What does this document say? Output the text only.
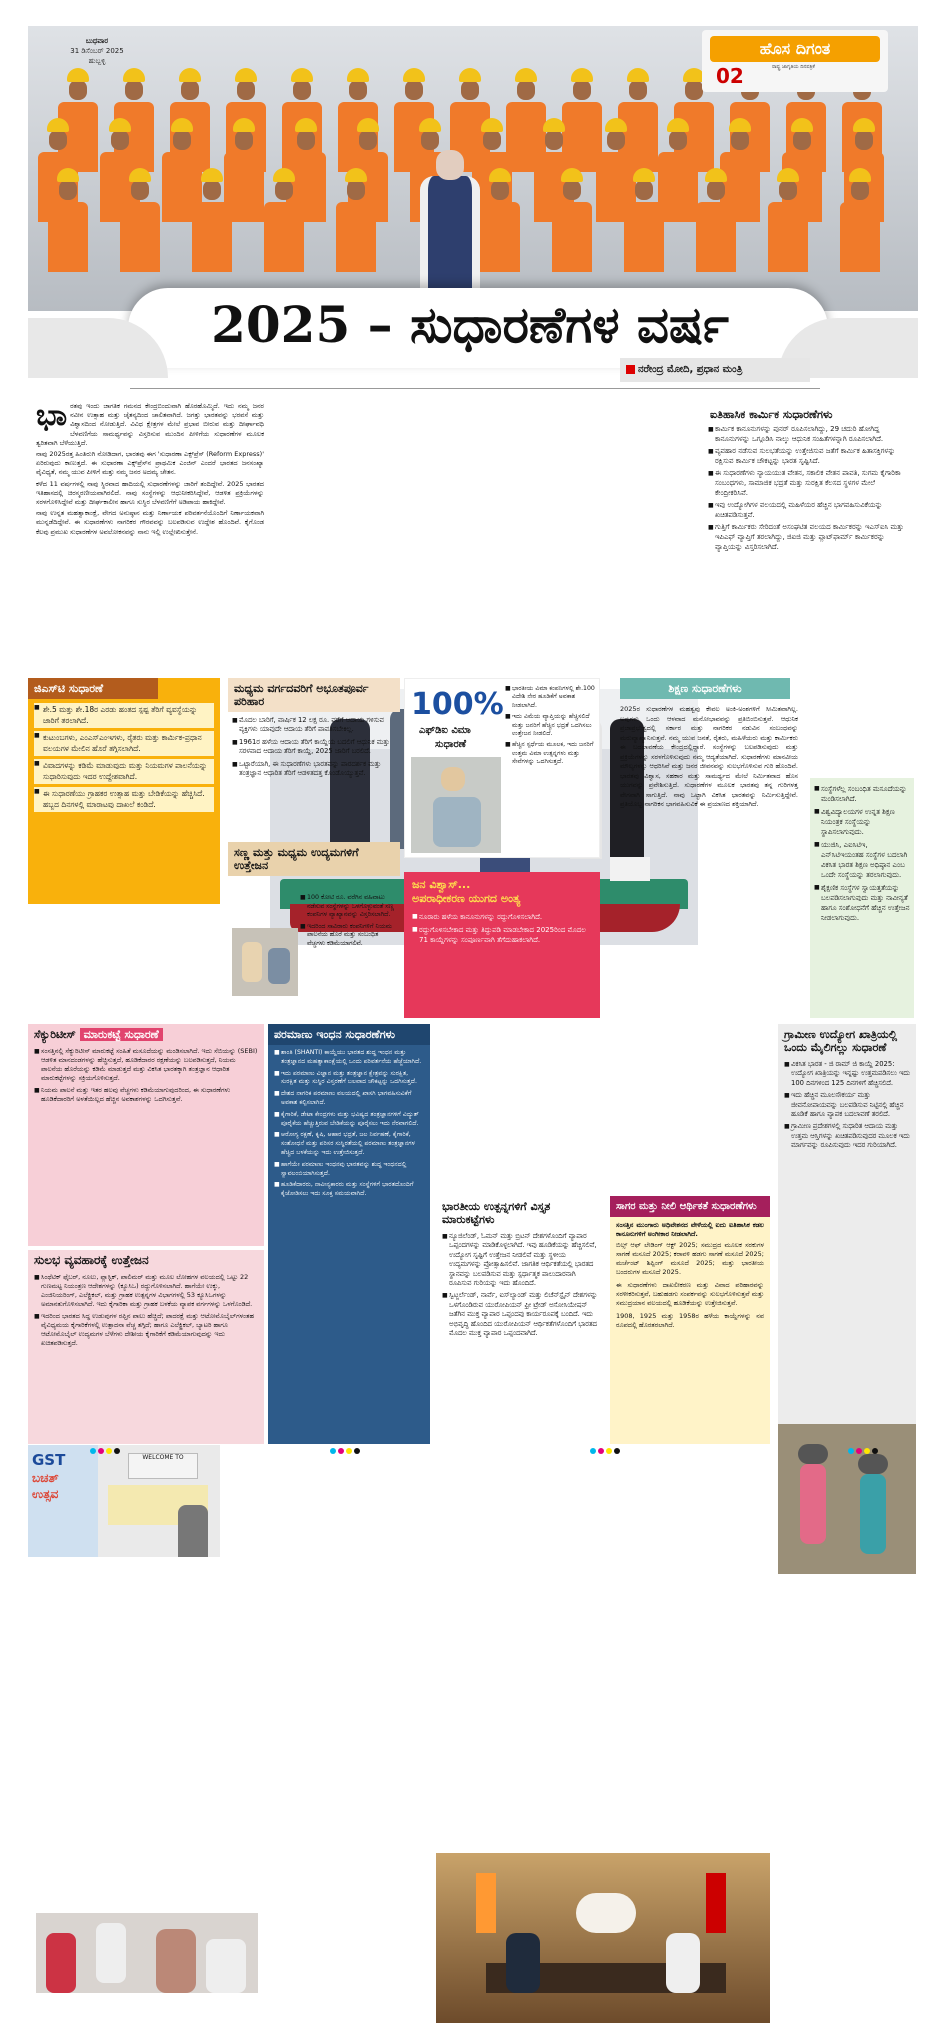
ಬುಧವಾರ
31 ಡಿಸೆಂಬರ್ 2025
ಹುಬ್ಬಳ್ಳಿ
ಹೊಸ ದಿಗಂತ
ರಾಷ್ಟ್ರ ಜಾಗೃತಿಯ ದಿನಪತ್ರಿಕೆ
02
2025 – ಸುಧಾರಣೆಗಳ ವರ್ಷ
ನರೇಂದ್ರ ಮೋದಿ, ಪ್ರಧಾನ ಮಂತ್ರಿ
ಭಾ ರತವು ಇಂದು ಜಾಗತಿಕ ಗಮನದ ಕೇಂದ್ರಬಿಂದುವಾಗಿ ಹೊರಹೊಮ್ಮಿದೆ. ಇದು ನಮ್ಮ ಜನರ ನವೀನ ಉತ್ಸಾಹ ಮತ್ತು ಚೈತನ್ಯದಿಂದ ಚಾಲಿತವಾಗಿದೆ. ಜಗತ್ತು ಭಾರತವನ್ನು ಭರವಸೆ ಮತ್ತು ವಿಶ್ವಾಸದಿಂದ ನೋಡುತ್ತಿದೆ. ವಿವಿಧ ಕ್ಷೇತ್ರಗಳ ಮೇಲೆ ಪ್ರಭಾವ ಬೀರುವ ಮತ್ತು ದೀರ್ಘಾವಧಿ ಬೆಳವಣಿಗೆಯ ಸಾಮರ್ಥ್ಯವನ್ನು ವಿಸ್ತರಿಸುವ ಮುಂದಿನ ಪೀಳಿಗೆಯ ಸುಧಾರಣೆಗಳ ಮೂಲಕ ತ್ವರಿತವಾಗಿ ಬೆಳೆಯುತ್ತಿದೆ.

ನಾವು 2025ರತ್ತ ಹಿಂತಿರುಗಿ ನೋಡಿದಾಗ, ಭಾರತವು ಈಗ 'ಸುಧಾರಣಾ ಎಕ್ಸ್‌ಪ್ರೆಸ್ (Reform Express)' ಏರಿರುವುದು ಕಾಣುತ್ತದೆ. ಈ ಸುಧಾರಣಾ ಎಕ್ಸ್‌ಪ್ರೆಸ್‌ನ ಪ್ರಾಥಮಿಕ ಎಂಜಿನ್ ಎಂದರೆ ಭಾರತದ ಜನಸಂಖ್ಯಾ ವೈವಿಧ್ಯತೆ, ನಮ್ಮ ಯುವ ಪೀಳಿಗೆ ಮತ್ತು ನಮ್ಮ ಜನರ ಅದಮ್ಯ ಚೇತನ.

ಕಳೆದ 11 ವರ್ಷಗಳಲ್ಲಿ ನಾವು ಸ್ಥಿರವಾದ ಹಾದಿಯಲ್ಲಿ ಸುಧಾರಣೆಗಳನ್ನು ಜಾರಿಗೆ ತಂದಿದ್ದೇವೆ. 2025 ಭಾರತದ ಇತಿಹಾಸದಲ್ಲಿ ಚಿರಸ್ಮರಣೀಯವಾಗಿರಲಿದೆ. ನಾವು ಸಂಸ್ಥೆಗಳನ್ನು ಆಧುನೀಕರಿಸಿದ್ದೇವೆ, ಆಡಳಿತ ಪ್ರಕ್ರಿಯೆಗಳನ್ನು ಸರಳಗೊಳಿಸಿದ್ದೇವೆ ಮತ್ತು ದೀರ್ಘಕಾಲೀನ ಹಾಗೂ ಸುಸ್ಥಿರ ಬೆಳವಣಿಗೆಗೆ ಅಡಿಪಾಯ ಹಾಕಿದ್ದೇವೆ.

ನಾವು ಉನ್ನತ ಮಹತ್ವಾಕಾಂಕ್ಷೆ, ವೇಗದ ಅನುಷ್ಠಾನ ಮತ್ತು ನಿರ್ಣಾಯಕ ಪರಿವರ್ತನೆಯೊಂದಿಗೆ ನಿರ್ಣಾಯಕವಾಗಿ ಮುನ್ನಡೆದಿದ್ದೇವೆ. ಈ ಸುಧಾರಣೆಗಳು ನಾಗರಿಕರ ಗೌರವವನ್ನು ಬಲಪಡಿಸುವ ಉದ್ದೇಶ ಹೊಂದಿವೆ. ಕೈಗೊಂಡ ಕೆಲವು ಪ್ರಮುಖ ಸುಧಾರಣೆಗಳ ಅವಲೋಕನವನ್ನು ನಾನು ಇಲ್ಲಿ ಉಲ್ಲೇಖಿಸುತ್ತೇನೆ.

ಐತಿಹಾಸಿಕ ಕಾರ್ಮಿಕ ಸುಧಾರಣೆಗಳು
■ ಕಾರ್ಮಿಕ ಕಾನೂನುಗಳನ್ನು ಪುನರ್ ರೂಪಿಸಲಾಗಿದ್ದು, 29 ಚದುರಿ ಹೋಗಿದ್ದ ಕಾನೂನುಗಳನ್ನು ಒಗ್ಗೂಡಿಸಿ ನಾಲ್ಕು ಆಧುನಿಕ ಸಂಹಿತೆಗಳನ್ನಾಗಿ ರೂಪಿಸಲಾಗಿದೆ.
■ ವ್ಯವಹಾರ ನಡೆಸುವ ಸುಲಭತೆಯನ್ನು ಉತ್ತೇಜಿಸುವ ಜತೆಗೆ ಕಾರ್ಮಿಕ ಹಿತಾಸಕ್ತಿಗಳನ್ನು ರಕ್ಷಿಸುವ ಕಾರ್ಮಿಕ ಚೌಕಟ್ಟನ್ನು ಭಾರತ ಸೃಷ್ಟಿಸಿದೆ.
■ ಈ ಸುಧಾರಣೆಗಳು ನ್ಯಾಯಯುತ ವೇತನ, ಸಕಾಲಿಕ ವೇತನ ಪಾವತಿ, ಸುಗಮ ಕೈಗಾರಿಕಾ ಸಂಬಂಧಗಳು, ಸಾಮಾಜಿಕ ಭದ್ರತೆ ಮತ್ತು ಸುರಕ್ಷಿತ ಕೆಲಸದ ಸ್ಥಳಗಳ ಮೇಲೆ ಕೇಂದ್ರೀಕರಿಸಿವೆ.
■ ಇವು ಉದ್ಯೋಗಿಗಳ ವಲಯದಲ್ಲಿ ಮಹಿಳೆಯರ ಹೆಚ್ಚಿನ ಭಾಗವಹಿಸುವಿಕೆಯನ್ನು ಖಚಿತಪಡಿಸುತ್ತವೆ.
■ ಗುತ್ತಿಗೆ ಕಾರ್ಮಿಕರು ಸೇರಿದಂತೆ ಅಸಂಘಟಿತ ವಲಯದ ಕಾರ್ಮಿಕರನ್ನು ಇಎಸ್‌ಐಸಿ ಮತ್ತು ಇಪಿಎಫ್ ವ್ಯಾಪ್ತಿಗೆ ತರಲಾಗಿದ್ದು, ಜಿಐಜಿ ಮತ್ತು ಪ್ಲಾಟ್‌ಫಾರ್ಮ್ ಕಾರ್ಮಿಕರನ್ನು ವ್ಯಾಪ್ತಿಯನ್ನು ವಿಸ್ತರಿಸಲಾಗಿದೆ.
ಜಿಎಸ್‌ಟಿ ಸುಧಾರಣೆ
■ ಶೇ.5 ಮತ್ತು ಶೇ.18ರ ಎರಡು ಹಂತದ ಸ್ಪಷ್ಟ ತೆರಿಗೆ ವ್ಯವಸ್ಥೆಯನ್ನು ಜಾರಿಗೆ ತರಲಾಗಿದೆ.
■ ಕುಟುಂಬಗಳು, ಎಂಎಸ್‌ಎಂಇಗಳು, ರೈತರು ಮತ್ತು ಕಾರ್ಮಿಕ-ಪ್ರಧಾನ ವಲಯಗಳ ಮೇಲಿನ ಹೊರೆ ತಗ್ಗಿಸಲಾಗಿದೆ.
■ ವಿವಾದಗಳನ್ನು ಕಡಿಮೆ ಮಾಡುವುದು ಮತ್ತು ನಿಯಮಗಳ ಪಾಲನೆಯನ್ನು ಸುಧಾರಿಸುವುದು ಇದರ ಉದ್ದೇಶವಾಗಿದೆ.
■ ಈ ಸುಧಾರಣೆಯು ಗ್ರಾಹಕರ ಉತ್ಸಾಹ ಮತ್ತು ಬೇಡಿಕೆಯನ್ನು ಹೆಚ್ಚಿಸಿದೆ. ಹಬ್ಬದ ದಿನಗಳಲ್ಲಿ ಮಾರಾಟವು ದಾಖಲೆ ಕಂಡಿದೆ.
GST
ಬಚತ್
ಉತ್ಸವ
WELCOME TO
ಮಧ್ಯಮ ವರ್ಗದವರಿಗೆ ಅಭೂತಪೂರ್ವ ಪರಿಹಾರ
■ ಮೊದಲ ಬಾರಿಗೆ, ವಾರ್ಷಿಕ 12 ಲಕ್ಷ ರೂ. ವರೆಗೆ ಆದಾಯ ಗಳಿಸುವ ವ್ಯಕ್ತಿಗಳು ಯಾವುದೇ ಆದಾಯ ತೆರಿಗೆ ಪಾವತಿಸಬೇಕಿಲ್ಲ.
■ 1961ರ ಹಳೆಯ ಆದಾಯ ತೆರಿಗೆ ಕಾಯ್ದೆಯ ಬದಲಿಗೆ ಆಧುನಿಕ ಮತ್ತು ಸರಳವಾದ ಆದಾಯ ತೆರಿಗೆ ಕಾಯ್ದೆ, 2025 ಜಾರಿಗೆ ಬರಲಿದೆ.
■ ಒಟ್ಟಾರೆಯಾಗಿ, ಈ ಸುಧಾರಣೆಗಳು ಭಾರತವನ್ನು ಪಾರದರ್ಶಕ ಮತ್ತು ತಂತ್ರಜ್ಞಾನ ಆಧಾರಿತ ತೆರಿಗೆ ಆಡಳಿತದತ್ತ ಕೊಂಡೊಯ್ಯುತ್ತವೆ.
ಸಣ್ಣ ಮತ್ತು ಮಧ್ಯಮ ಉದ್ಯಮಗಳಿಗೆ ಉತ್ತೇಜನ
■ 100 ಕೋಟಿ ರೂ. ವರೆಗಿನ ವಹಿವಾಟು ನಡೆಸುವ ಸಂಸ್ಥೆಗಳನ್ನು ಒಳಗೊಳ್ಳುವಂತೆ ಸಣ್ಣ ಕಂಪನಿಗಳ ವ್ಯಾಖ್ಯಾನವನ್ನು ವಿಸ್ತರಿಸಲಾಗಿದೆ.
■ ಇದರಿಂದ ಸಾವಿರಾರು ಕಂಪನಿಗಳಿಗೆ ನಿಯಮ ಪಾಲನೆಯ ಹೊರೆ ಮತ್ತು ಸಂಬಂಧಿತ ವೆಚ್ಚಗಳು ಕಡಿಮೆಯಾಗಲಿವೆ.
100%
ಎಫ್‌ಡಿಐ ವಿಮಾ
ಸುಧಾರಣೆ
■ ಭಾರತೀಯ ವಿಮಾ ಕಂಪನಿಗಳಲ್ಲಿ ಶೇ.100 ವಿದೇಶಿ ನೇರ ಹೂಡಿಕೆಗೆ ಅವಕಾಶ ನೀಡಲಾಗಿದೆ.
■ ಇದು ವಿಮೆಯ ವ್ಯಾಪ್ತಿಯನ್ನು ಹೆಚ್ಚಿಸಲಿದೆ ಮತ್ತು ಜನರಿಗೆ ಹೆಚ್ಚಿನ ಭದ್ರತೆ ಒದಗಿಸಲು ಉತ್ತೇಜನ ನೀಡಲಿದೆ.
■ ಹೆಚ್ಚಿನ ಸ್ಪರ್ಧೆಯ ಮೂಲಕ, ಇದು ಜನರಿಗೆ ಉತ್ತಮ ವಿಮಾ ಉತ್ಪನ್ನಗಳು ಮತ್ತು ಸೇವೆಗಳನ್ನು ಒದಗಿಸುತ್ತದೆ.
ಜನ ವಿಶ್ವಾಸ್...
ಅಪರಾಧೀಕರಣ ಯುಗದ ಅಂತ್ಯ
■ ನೂರಾರು ಹಳೆಯ ಕಾನೂನುಗಳನ್ನು ರದ್ದುಗೊಳಿಸಲಾಗಿದೆ.
■ ರದ್ದುಗೊಳಿಸಬೇಕಾದ ಮತ್ತು ತಿದ್ದುಪಡಿ ಮಾಡಬೇಕಾದ 2025ರಿಂದ ಮೊದಲ 71 ಕಾಯ್ದೆಗಳನ್ನು ಸಂಪೂರ್ಣವಾಗಿ ತೆಗೆದುಹಾಕಲಾಗಿದೆ.
ಶಿಕ್ಷಣ ಸುಧಾರಣೆಗಳು

2025ರ ಸುಧಾರಣೆಗಳ ಮಹತ್ವವು ಕೇವಲ ಅಂಕಿ-ಅಂಶಗಳಿಗೆ ಸೀಮಿತವಾಗಿಲ್ಲ. ಅವುಗಳು ಒಂದು ಆಳವಾದ ಮನೋಭಾವವನ್ನು ಪ್ರತಿಬಿಂಬಿಸುತ್ತವೆ. ಆಧುನಿಕ ಪ್ರಜಾಪ್ರಭುತ್ವದಲ್ಲಿ ಸರ್ಕಾರ ಮತ್ತು ನಾಗರಿಕರ ನಡುವಿನ ಸಂಬಂಧವನ್ನು ಮರುವ್ಯಾಖ್ಯಾನಿಸುತ್ತವೆ. ನಮ್ಮ ಯುವ ಜನತೆ, ರೈತರು, ಮಹಿಳೆಯರು ಮತ್ತು ಕಾರ್ಮಿಕರು ಈ ಬದಲಾವಣೆಯ ಕೇಂದ್ರದಲ್ಲಿದ್ದಾರೆ. ಸಂಸ್ಥೆಗಳನ್ನು ಬಲಪಡಿಸುವುದು ಮತ್ತು ಪ್ರಕ್ರಿಯೆಗಳನ್ನು ಸರಳಗೊಳಿಸುವುದು ನಮ್ಮ ಆದ್ಯತೆಯಾಗಿದೆ. ಸುಧಾರಣೆಗಳು ಮಾನವೀಯ ಮೌಲ್ಯಗಳನ್ನು ಆಧರಿಸಿವೆ ಮತ್ತು ಜನರ ಜೀವನವನ್ನು ಸುಲಭಗೊಳಿಸುವ ಗುರಿ ಹೊಂದಿವೆ. ಭಾರತವು ವಿಶ್ವಾಸ, ಸಹಕಾರ ಮತ್ತು ಸಾಮರ್ಥ್ಯದ ಮೇಲೆ ನಿರ್ಮಿತವಾದ ಹೊಸ ಯುಗವನ್ನು ಪ್ರವೇಶಿಸುತ್ತಿದೆ. ಸುಧಾರಣೆಗಳ ಮೂಲಕ ಭಾರತವು ತನ್ನ ಗುರಿಗಳತ್ತ ವೇಗವಾಗಿ ಸಾಗುತ್ತಿದೆ. ನಾವು ಒಟ್ಟಾಗಿ ವಿಕಸಿತ ಭಾರತವನ್ನು ನಿರ್ಮಿಸುತ್ತಿದ್ದೇವೆ. ಪ್ರತಿಯೊಬ್ಬ ನಾಗರಿಕನ ಭಾಗವಹಿಸುವಿಕೆ ಈ ಪ್ರಯಾಣದ ಶಕ್ತಿಯಾಗಿದೆ.

■ ಸಂಸ್ಥೆಗಳೆಲ್ಲ ಸಂಬಂಧಿತ ಮಸೂದೆಯನ್ನು ಮಂಡಿಸಲಾಗಿದೆ.
■ ವಿಶ್ವವಿದ್ಯಾಲಯಗಳ ಉನ್ನತ ಶಿಕ್ಷಣ ನಿಯಂತ್ರಕ ಸಂಸ್ಥೆಯನ್ನು ಸ್ಥಾಪಿಸಲಾಗುವುದು.
■ ಯುಜಿಸಿ, ಎಐಸಿಟಿಇ, ಎನ್‌ಸಿಟಿಇಯಂತಹ ಸಂಸ್ಥೆಗಳ ಬದಲಾಗಿ ವಿಕಸಿತ ಭಾರತ ಶಿಕ್ಷಣ ಅಧಿಷ್ಠಾನ ಎಂಬ ಒಂದೇ ಸಂಸ್ಥೆಯನ್ನು ತರಲಾಗುವುದು.
■ ಶೈಕ್ಷಣಿಕ ಸಂಸ್ಥೆಗಳ ಸ್ವಾಯತ್ತತೆಯನ್ನು ಬಲಪಡಿಸಲಾಗುವುದು ಮತ್ತು ನಾವೀನ್ಯತೆ ಹಾಗೂ ಸಂಶೋಧನೆಗೆ ಹೆಚ್ಚಿನ ಉತ್ತೇಜನ ನೀಡಲಾಗುವುದು.
ಸೆಕ್ಯುರಿಟೀಸ್ ಮಾರುಕಟ್ಟೆ ಸುಧಾರಣೆ
■ ಸಂಸತ್ತಿನಲ್ಲಿ ಸೆಕ್ಯುರಿಟೀಸ್ ಮಾರುಕಟ್ಟೆ ಸಂಹಿತೆ ಮಸೂದೆಯನ್ನು ಮಂಡಿಸಲಾಗಿದೆ. ಇದು ಸೆಬಿಯನ್ನು (SEBI) ಆಡಳಿತ ಮಾನದಂಡಗಳನ್ನು ಹೆಚ್ಚಿಸುತ್ತದೆ, ಹೂಡಿಕೆದಾರರ ರಕ್ಷಣೆಯನ್ನು ಬಲಪಡಿಸುತ್ತದೆ, ನಿಯಮ ಪಾಲನೆಯ ಹೊರೆಯನ್ನು ಕಡಿಮೆ ಮಾಡುತ್ತದೆ ಮತ್ತು ವಿಕಸಿತ ಭಾರತಕ್ಕಾಗಿ ತಂತ್ರಜ್ಞಾನ ಆಧಾರಿತ ಮಾರುಕಟ್ಟೆಗಳನ್ನು ಸಕ್ರಿಯಗೊಳಿಸುತ್ತದೆ.
■ ನಿಯಮ ಪಾಲನೆ ಮತ್ತು ಇತರ ಹಲವು ವೆಚ್ಚಗಳು ಕಡಿಮೆಯಾಗುವುದರಿಂದ, ಈ ಸುಧಾರಣೆಗಳು ಹೂಡಿಕೆದಾರರಿಗೆ ಅಳತೆಯಿಲ್ಲದ ಹೆಚ್ಚಿನ ಅವಕಾಶಗಳನ್ನು ಒದಗಿಸುತ್ತವೆ.
ಸುಲಭ ವ್ಯವಹಾರಕ್ಕೆ ಉತ್ತೇಜನ
■ ಸಿಂಥೆಟಿಕ್ ಫೈಬರ್, ನೂಲು, ಪ್ಲಾಸ್ಟಿಕ್, ಪಾಲಿಮರ್ ಮತ್ತು ಮೂಲ ಲೋಹಗಳ ವಲಯದಲ್ಲಿ ಒಟ್ಟು 22 ಗುಣಮಟ್ಟ ನಿಯಂತ್ರಣ ಆದೇಶಗಳನ್ನು (ಕ್ಯೂಸಿಒ) ರದ್ದುಗೊಳಿಸಲಾಗಿದೆ. ಹಾಗೆಯೇ ಉಕ್ಕು, ಎಂಜಿನಿಯರಿಂಗ್, ಎಲೆಕ್ಟ್ರಿಕಲ್, ಮತ್ತು ಗ್ರಾಹಕ ಉತ್ಪನ್ನಗಳ ವಿಭಾಗಗಳಲ್ಲಿ 53 ಕ್ಯೂಸಿಒಗಳನ್ನು ಅಮಾನತುಗೊಳಿಸಲಾಗಿದೆ. ಇದು ಕೈಗಾರಿಕಾ ಮತ್ತು ಗ್ರಾಹಕ ಬಳಕೆಯ ವ್ಯಾಪಕ ವರ್ಗಗಳನ್ನು ಒಳಗೊಂಡಿದೆ.
■ ಇದರಿಂದ ಭಾರತದ ಸಿದ್ಧ ಉಡುಪುಗಳ ರಫ್ತಿನ ಪಾಲು ಹೆಚ್ಚಿದೆ; ಪಾದರಕ್ಷೆ ಮತ್ತು ಆಟೋಮೊಬೈಲ್‌ಗಳಂತಹ ವೈವಿಧ್ಯಮಯ ಕೈಗಾರಿಕೆಗಳಲ್ಲಿ ಉತ್ಪಾದನಾ ವೆಚ್ಚ ತಗ್ಗಿದೆ; ಹಾಗೂ ಎಲೆಕ್ಟ್ರಿಕಲ್, ಬ್ಯಾಟರಿ ಹಾಗೂ ಆಟೋಮೊಬೈಲ್ ಉದ್ಯಮಗಳ ಬೆಳೆಗಳು ದೇಶೀಯ ಕೈಗಾರಿಕೆಗೆ ಕಡಿಮೆಯಾಗುವುದನ್ನು ಇದು ಖಚಿತಪಡಿಸುತ್ತದೆ.
ಪರಮಾಣು ಇಂಧನ ಸುಧಾರಣೆಗಳು
■ ಶಾಂತಿ (SHANTI) ಕಾಯ್ದೆಯು ಭಾರತದ ಶುದ್ಧ ಇಂಧನ ಮತ್ತು ತಂತ್ರಜ್ಞಾನದ ಮಹತ್ವಾಕಾಂಕ್ಷೆಯಲ್ಲಿ ಒಂದು ಪರಿವರ್ತನೆಯ ಹೆಜ್ಜೆಯಾಗಿದೆ.
■ ಇದು ಪರಮಾಣು ವಿಜ್ಞಾನ ಮತ್ತು ತಂತ್ರಜ್ಞಾನ ಕ್ಷೇತ್ರವನ್ನು ಸುರಕ್ಷಿತ, ಸುರಕ್ಷಿತ ಮತ್ತು ಸುಸ್ಥಿರ ವಿಸ್ತರಣೆಗೆ ಬಲವಾದ ಚೌಕಟ್ಟನ್ನು ಒದಗಿಸುತ್ತದೆ.
■ ದೇಶದ ನಾಗರಿಕ ಪರಮಾಣು ವಲಯದಲ್ಲಿ ಖಾಸಗಿ ಭಾಗವಹಿಸುವಿಕೆಗೆ ಅವಕಾಶ ಕಲ್ಪಿಸಲಾಗಿದೆ.
■ ಕೈಗಾರಿಕೆ, ಡೇಟಾ ಕೇಂದ್ರಗಳು ಮತ್ತು ಭವಿಷ್ಯದ ತಂತ್ರಜ್ಞಾನಗಳಿಗೆ ವಿದ್ಯುತ್ ಪೂರೈಕೆಯ ಹೆಚ್ಚುತ್ತಿರುವ ಬೇಡಿಕೆಯನ್ನು ಪೂರೈಸಲು ಇದು ನೆರವಾಗಲಿದೆ.
■ ಆರೋಗ್ಯ ರಕ್ಷಣೆ, ಕೃಷಿ, ಆಹಾರ ಭದ್ರತೆ, ಜಲ ನಿರ್ವಹಣೆ, ಕೈಗಾರಿಕೆ, ಸಂಶೋಧನೆ ಮತ್ತು ಪರಿಸರ ಸುಸ್ಥಿರತೆಯಲ್ಲಿ ಪರಮಾಣು ತಂತ್ರಜ್ಞಾನಗಳ ಹೆಚ್ಚಿದ ಬಳಕೆಯನ್ನು ಇದು ಉತ್ತೇಜಿಸುತ್ತದೆ.
■ ಹಾಗೆಯೇ ಪರಮಾಣು ಇಂಧನವು ಭಾರತವನ್ನು ಶುದ್ಧ ಇಂಧನದಲ್ಲಿ ಸ್ವಾವಲಂಬಿಯಾಗಿಸುತ್ತದೆ.
■ ಹೂಡಿಕೆದಾರರು, ನಾವೀನ್ಯಕಾರರು ಮತ್ತು ಸಂಸ್ಥೆಗಳಿಗೆ ಭಾರತದೊಂದಿಗೆ ಕೈಜೋಡಿಸಲು ಇದು ಸೂಕ್ತ ಸಮಯವಾಗಿದೆ.
ಭಾರತೀಯ ಉತ್ಪನ್ನಗಳಿಗೆ ವಿಸ್ತೃತ ಮಾರುಕಟ್ಟೆಗಳು
■ ನ್ಯೂಜಿಲೆಂಡ್, ಓಮನ್ ಮತ್ತು ಬ್ರಿಟನ್ ದೇಶಗಳೊಂದಿಗೆ ವ್ಯಾಪಾರ ಒಪ್ಪಂದಗಳನ್ನು ಮಾಡಿಕೊಳ್ಳಲಾಗಿದೆ. ಇವು ಹೂಡಿಕೆಯನ್ನು ಹೆಚ್ಚಿಸಲಿವೆ, ಉದ್ಯೋಗ ಸೃಷ್ಟಿಗೆ ಉತ್ತೇಜನ ನೀಡಲಿವೆ ಮತ್ತು ಸ್ಥಳೀಯ ಉದ್ಯಮಗಳನ್ನು ಪ್ರೋತ್ಸಾಹಿಸಲಿವೆ. ಜಾಗತಿಕ ಆರ್ಥಿಕತೆಯಲ್ಲಿ ಭಾರತದ ಸ್ಥಾನವನ್ನು ಬಲಪಡಿಸುವ ಮತ್ತು ಸ್ಪರ್ಧಾತ್ಮಕ ಪಾಲುದಾರನಾಗಿ ರೂಪಿಸುವ ಗುರಿಯನ್ನು ಇದು ಹೊಂದಿದೆ.
■ ಸ್ವಿಟ್ಜರ್ಲೆಂಡ್, ನಾರ್ವೆ, ಐಸ್‌ಲ್ಯಾಂಡ್ ಮತ್ತು ಲಿಚೆನ್‌ಸ್ಟೈನ್ ದೇಶಗಳನ್ನು ಒಳಗೊಂಡಿರುವ ಯುರೋಪಿಯನ್ ಫ್ರೀ ಟ್ರೇಡ್ ಅಸೋಸಿಯೇಷನ್ ಜತೆಗಿನ ಮುಕ್ತ ವ್ಯಾಪಾರ ಒಪ್ಪಂದವು ಕಾರ್ಯರೂಪಕ್ಕೆ ಬಂದಿದೆ. ಇದು ಅಭಿವೃದ್ಧಿ ಹೊಂದಿದ ಯುರೋಪಿಯನ್ ಆರ್ಥಿಕತೆಗಳೊಂದಿಗೆ ಭಾರತದ ಮೊದಲ ಮುಕ್ತ ವ್ಯಾಪಾರ ಒಪ್ಪಂದವಾಗಿದೆ.
ಸಾಗರ ಮತ್ತು ನೀಲಿ ಆರ್ಥಿಕತೆ ಸುಧಾರಣೆಗಳು

ಸಂಸತ್ತಿನ ಮುಂಗಾರು ಅಧಿವೇಶನದ ವೇಳೆಯಲ್ಲಿ ಐದು ಐತಿಹಾಸಿಕ ಕಡಲ ಕಾನೂನುಗಳಿಗೆ ಅಂಗೀಕಾರ ನೀಡಲಾಗಿದೆ.

ಬಿಲ್ಸ್ ಆಫ್ ಲೇಡಿಂಗ್ ಆಕ್ಟ್ 2025; ಸಮುದ್ರದ ಮೂಲಕ ಸರಕುಗಳ ಸಾಗಣೆ ಮಸೂದೆ 2025; ಕರಾವಳಿ ಹಡಗು ಸಾಗಣೆ ಮಸೂದೆ 2025; ಮರ್ಚೆಂಟ್ ಶಿಪ್ಪಿಂಗ್ ಮಸೂದೆ 2025; ಮತ್ತು ಭಾರತೀಯ ಬಂದರುಗಳ ಮಸೂದೆ 2025.

ಈ ಸುಧಾರಣೆಗಳು ದಾಖಲೀಕರಣ ಮತ್ತು ವಿವಾದ ಪರಿಹಾರವನ್ನು ಸರಳೀಕರಿಸುತ್ತವೆ, ಬಹುಹಡಗು ಸಂಪರ್ಕವನ್ನು ಸುಲಭಗೊಳಿಸುತ್ತವೆ ಮತ್ತು ಸಮುದ್ರಯಾನ ವಲಯದಲ್ಲಿ ಹೂಡಿಕೆಯನ್ನು ಉತ್ತೇಜಿಸುತ್ತವೆ.

1908, 1925 ಮತ್ತು 1958ರ ಹಳೆಯ ಕಾಯ್ದೆಗಳನ್ನು ನವ ರೂಪದಲ್ಲಿ ಹೊರತರಲಾಗಿದೆ.

ಗ್ರಾಮೀಣ ಉದ್ಯೋಗ ಖಾತ್ರಿಯಲ್ಲಿ ಒಂದು ಮೈಲಿಗಲ್ಲು ಸುಧಾರಣೆ
■ ವಿಕಸಿತ ಭಾರತ - ಜಿ ರಾಮ್ ಜಿ ಕಾಯ್ದೆ 2025: ಉದ್ಯೋಗ ಖಾತ್ರಿಯನ್ನು ಇನ್ನಷ್ಟು ಉತ್ತಮಪಡಿಸಲು ಇದು 100 ದಿನಗಳಿಂದ 125 ದಿನಗಳಿಗೆ ಹೆಚ್ಚಿಸಲಿದೆ.
■ ಇದು ಹೆಚ್ಚಿನ ಮೂಲಸೌಕರ್ಯ ಮತ್ತು ಜೀವನೋಪಾಯವನ್ನು ಬಲಪಡಿಸುವ ನಿಟ್ಟಿನಲ್ಲಿ ಹೆಚ್ಚಿನ ಹೂಡಿಕೆ ಹಾಗೂ ವ್ಯಾಪಕ ಬದಲಾವಣೆ ತರಲಿದೆ.
■ ಗ್ರಾಮೀಣ ಪ್ರದೇಶಗಳಲ್ಲಿ ಸುಧಾರಿತ ಆದಾಯ ಮತ್ತು ಉತ್ತಮ ಆಸ್ತಿಗಳನ್ನು ಖಚಿತಪಡಿಸುವುದರ ಮೂಲಕ ಇದು ಮಾರ್ಗವನ್ನು ರೂಪಿಸುವುದು ಇದರ ಗುರಿಯಾಗಿದೆ.
